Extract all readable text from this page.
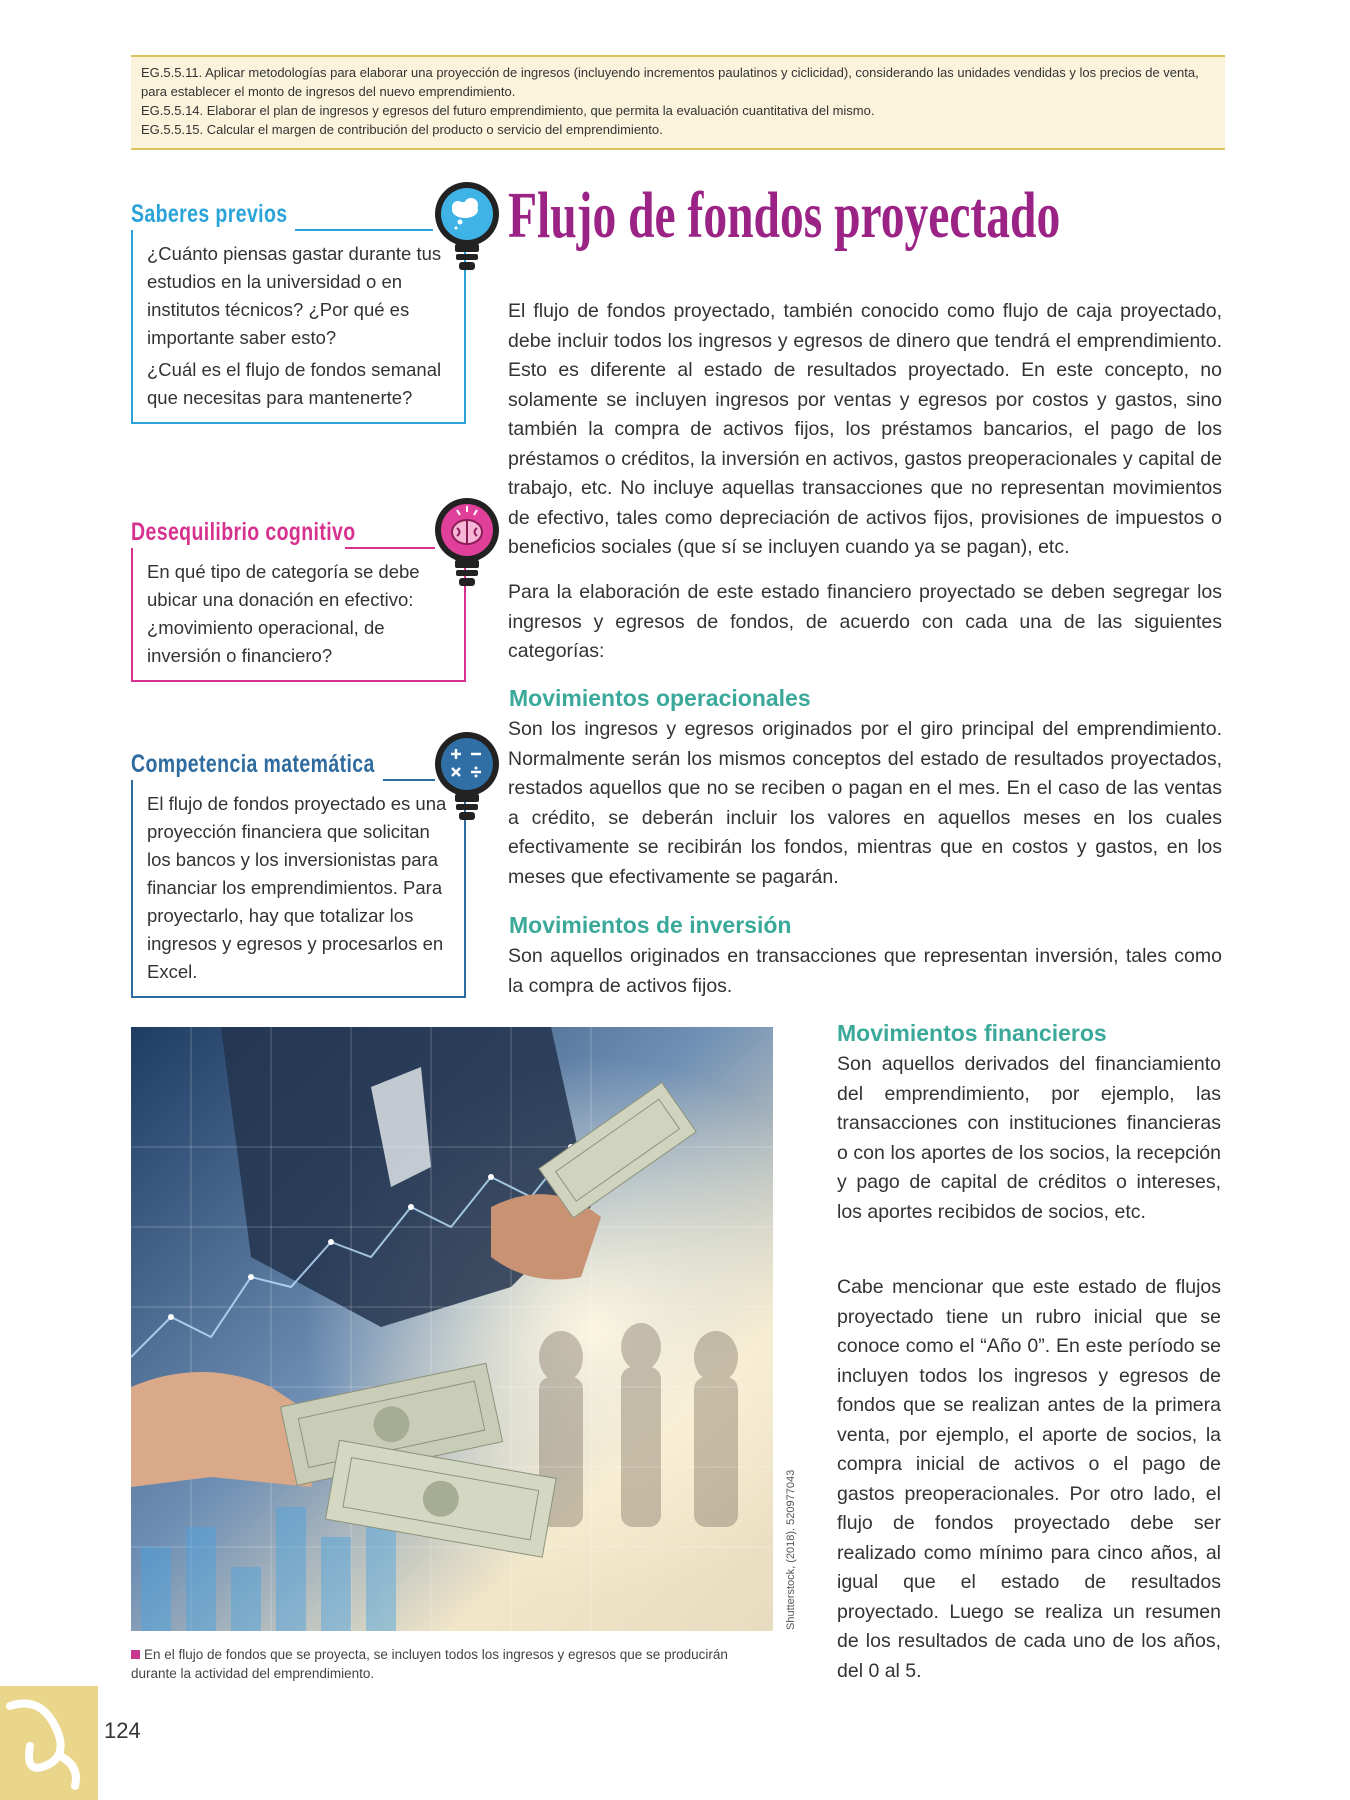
EG.5.5.11. Aplicar metodologías para elaborar una proyección de ingresos (incluyendo incrementos paulatinos y ciclicidad), considerando las unidades vendidas y los precios de venta, para establecer el monto de ingresos del nuevo emprendimiento.

EG.5.5.14. Elaborar el plan de ingresos y egresos del futuro emprendimiento, que permita la evaluación cuantitativa del mismo.

EG.5.5.15. Calcular el margen de contribución del producto o servicio del emprendimiento.

Saberes previos

¿Cuánto piensas gastar durante tus estudios en la universidad o en institutos técnicos? ¿Por qué es importante saber esto?

¿Cuál es el flujo de fondos semanal que necesitas para mantenerte?

Desequilibrio cognitivo

En qué tipo de categoría se debe ubicar una donación en efectivo: ¿movimiento operacional, de inversión o financiero?

Competencia matemática

El flujo de fondos proyectado es una proyección financiera que solicitan los bancos y los inversionistas para financiar los emprendimientos. Para proyectarlo, hay que totalizar los ingresos y egresos y procesarlos en Excel.

Flujo de fondos proyectado
El flujo de fondos proyectado, también conocido como flujo de caja proyectado, debe incluir todos los ingresos y egresos de dinero que tendrá el emprendimiento. Esto es diferente al estado de resultados proyectado. En este concepto, no solamente se incluyen ingresos por ventas y egresos por costos y gastos, sino también la compra de activos fijos, los préstamos bancarios, el pago de los préstamos o créditos, la inversión en activos, gastos preoperacionales y capital de trabajo, etc. No incluye aquellas transacciones que no representan movimientos de efectivo, tales como depreciación de activos fijos, provisiones de impuestos o beneficios sociales (que sí se incluyen cuando ya se pagan), etc.
Para la elaboración de este estado financiero proyectado se deben segregar los ingresos y egresos de fondos, de acuerdo con cada una de las siguientes categorías:
Movimientos operacionales
Son los ingresos y egresos originados por el giro principal del emprendimiento. Normalmente serán los mismos conceptos del estado de resultados proyectados, restados aquellos que no se reciben o pagan en el mes. En el caso de las ventas a crédito, se deberán incluir los valores en aquellos meses en los cuales efectivamente se recibirán los fondos, mientras que en costos y gastos, en los meses que efectivamente se pagarán.
Movimientos de inversión
Son aquellos originados en transacciones que representan inversión, tales como la compra de activos fijos.
Movimientos financieros
Son aquellos derivados del financiamiento del emprendimiento, por ejemplo, las transacciones con instituciones financieras o con los aportes de los socios, la recepción y pago de capital de créditos o intereses, los aportes recibidos de socios, etc.
Cabe mencionar que este estado de flujos proyectado tiene un rubro inicial que se conoce como el “Año 0”. En este período se incluyen todos los ingresos y egresos de fondos que se realizan antes de la primera venta, por ejemplo, el aporte de socios, la compra inicial de activos o el pago de gastos preoperacionales. Por otro lado, el flujo de fondos proyectado debe ser realizado como mínimo para cinco años, al igual que el estado de resultados proyectado. Luego se realiza un resumen de los resultados de cada uno de los años, del 0 al 5.
Shutterstock, (2018). 520977043
En el flujo de fondos que se proyecta, se incluyen todos los ingresos y egresos que se producirán durante la actividad del emprendimiento.
124
